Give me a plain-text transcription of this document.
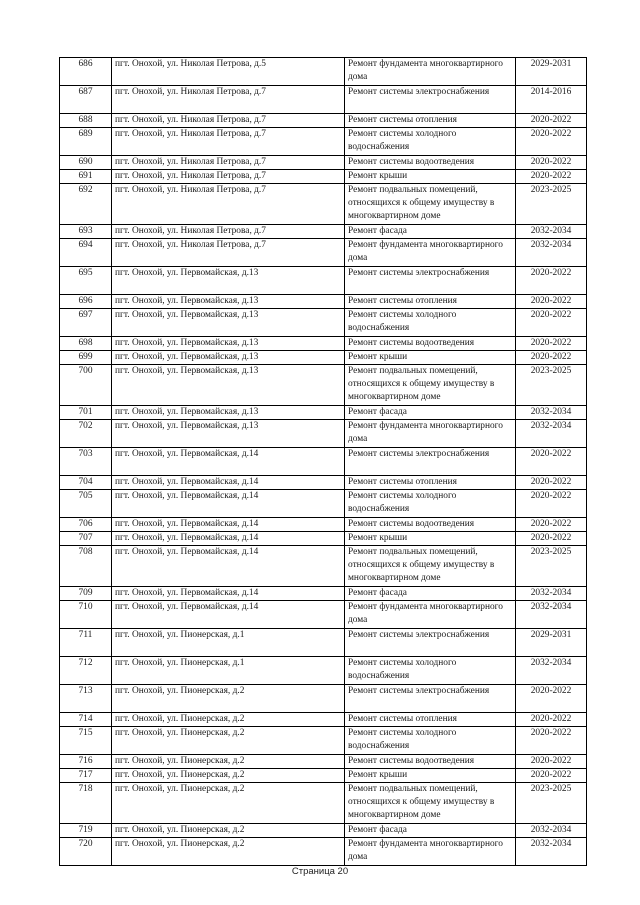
686	пгт. Онохой, ул. Николая Петрова, д.5	Ремонт фундамента многоквартирного дома	2029-2031
687	пгт. Онохой, ул. Николая Петрова, д.7	Ремонт системы электроснабжения	2014-2016
688	пгт. Онохой, ул. Николая Петрова, д.7	Ремонт системы отопления	2020-2022
689	пгт. Онохой, ул. Николая Петрова, д.7	Ремонт системы холодного водоснабжения	2020-2022
690	пгт. Онохой, ул. Николая Петрова, д.7	Ремонт системы водоотведения	2020-2022
691	пгт. Онохой, ул. Николая Петрова, д.7	Ремонт крыши	2020-2022
692	пгт. Онохой, ул. Николая Петрова, д.7	Ремонт подвальных помещений, относящихся к общему имуществу в многоквартирном доме	2023-2025
693	пгт. Онохой, ул. Николая Петрова, д.7	Ремонт фасада	2032-2034
694	пгт. Онохой, ул. Николая Петрова, д.7	Ремонт фундамента многоквартирного дома	2032-2034
695	пгт. Онохой, ул. Первомайская, д.13	Ремонт системы электроснабжения	2020-2022
696	пгт. Онохой, ул. Первомайская, д.13	Ремонт системы отопления	2020-2022
697	пгт. Онохой, ул. Первомайская, д.13	Ремонт системы холодного водоснабжения	2020-2022
698	пгт. Онохой, ул. Первомайская, д.13	Ремонт системы водоотведения	2020-2022
699	пгт. Онохой, ул. Первомайская, д.13	Ремонт крыши	2020-2022
700	пгт. Онохой, ул. Первомайская, д.13	Ремонт подвальных помещений, относящихся к общему имуществу в многоквартирном доме	2023-2025
701	пгт. Онохой, ул. Первомайская, д.13	Ремонт фасада	2032-2034
702	пгт. Онохой, ул. Первомайская, д.13	Ремонт фундамента многоквартирного дома	2032-2034
703	пгт. Онохой, ул. Первомайская, д.14	Ремонт системы электроснабжения	2020-2022
704	пгт. Онохой, ул. Первомайская, д.14	Ремонт системы отопления	2020-2022
705	пгт. Онохой, ул. Первомайская, д.14	Ремонт системы холодного водоснабжения	2020-2022
706	пгт. Онохой, ул. Первомайская, д.14	Ремонт системы водоотведения	2020-2022
707	пгт. Онохой, ул. Первомайская, д.14	Ремонт крыши	2020-2022
708	пгт. Онохой, ул. Первомайская, д.14	Ремонт подвальных помещений, относящихся к общему имуществу в многоквартирном доме	2023-2025
709	пгт. Онохой, ул. Первомайская, д.14	Ремонт фасада	2032-2034
710	пгт. Онохой, ул. Первомайская, д.14	Ремонт фундамента многоквартирного дома	2032-2034
711	пгт. Онохой, ул. Пионерская, д.1	Ремонт системы электроснабжения	2029-2031
712	пгт. Онохой, ул. Пионерская, д.1	Ремонт системы холодного водоснабжения	2032-2034
713	пгт. Онохой, ул. Пионерская, д.2	Ремонт системы электроснабжения	2020-2022
714	пгт. Онохой, ул. Пионерская, д.2	Ремонт системы отопления	2020-2022
715	пгт. Онохой, ул. Пионерская, д.2	Ремонт системы холодного водоснабжения	2020-2022
716	пгт. Онохой, ул. Пионерская, д.2	Ремонт системы водоотведения	2020-2022
717	пгт. Онохой, ул. Пионерская, д.2	Ремонт крыши	2020-2022
718	пгт. Онохой, ул. Пионерская, д.2	Ремонт подвальных помещений, относящихся к общему имуществу в многоквартирном доме	2023-2025
719	пгт. Онохой, ул. Пионерская, д.2	Ремонт фасада	2032-2034
720	пгт. Онохой, ул. Пионерская, д.2	Ремонт фундамента многоквартирного дома	2032-2034
Страница 20
